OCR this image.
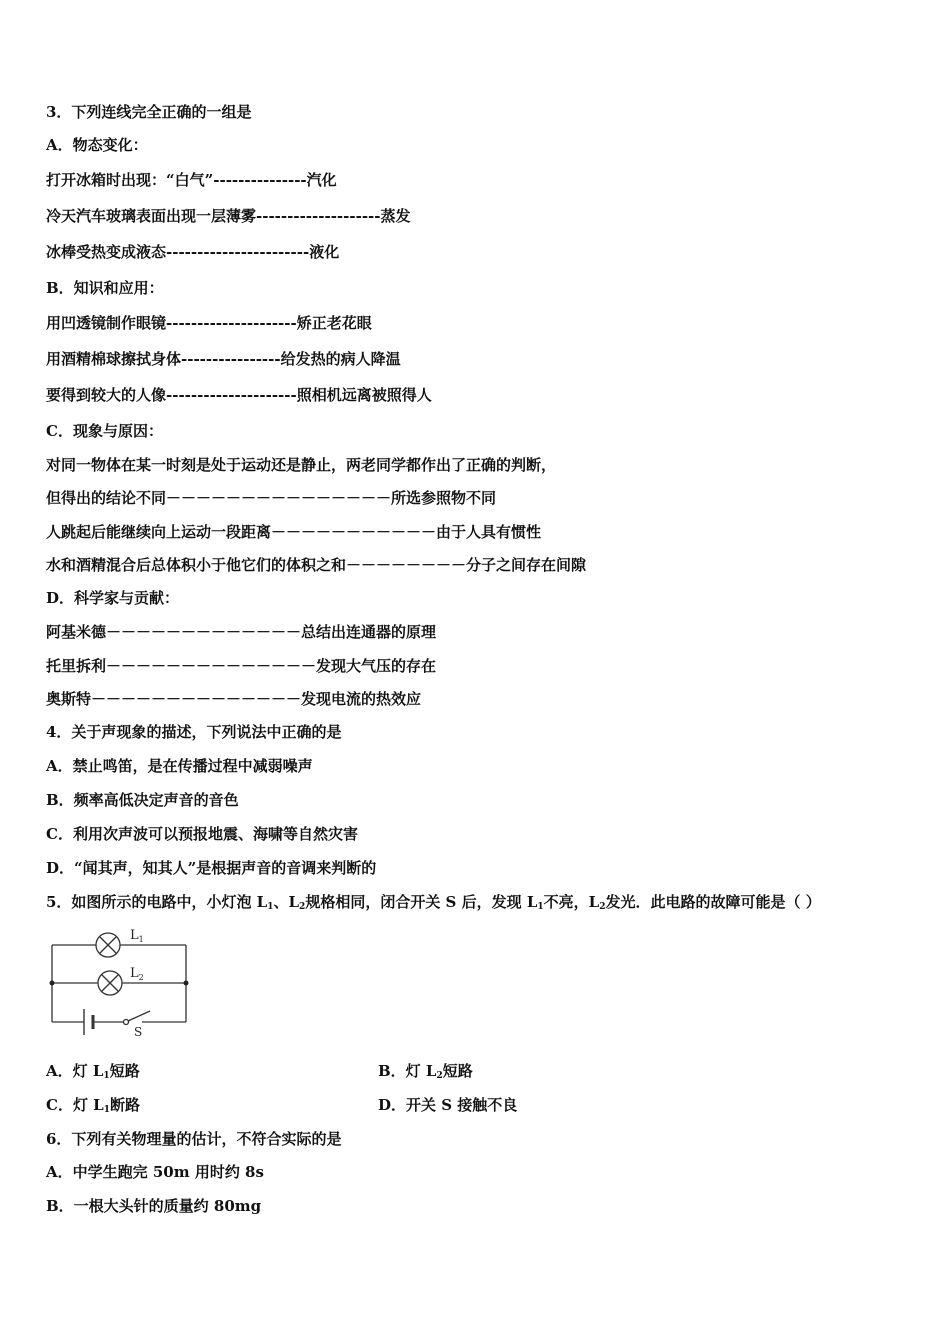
3．下列连线完全正确的一组是
A．物态变化：
打开冰箱时出现：“白气”---------------汽化
冷天汽车玻璃表面出现一层薄雾--------------------蒸发
冰棒受热变成液态-----------------------液化
B．知识和应用：
用凹透镜制作眼镜---------------------矫正老花眼
用酒精棉球擦拭身体----------------给发热的病人降温
要得到较大的人像---------------------照相机远离被照得人
C．现象与原因：
对同一物体在某一时刻是处于运动还是静止，两老同学都作出了正确的判断，
但得出的结论不同－－－－－－－－－－－－－－－所选参照物不同
人跳起后能继续向上运动一段距离－－－－－－－－－－－由于人具有惯性
水和酒精混合后总体积小于他它们的体积之和－－－－－－－－分子之间存在间隙
D．科学家与贡献：
阿基米德－－－－－－－－－－－－－总结出连通器的原理
托里拆利－－－－－－－－－－－－－－发现大气压的存在
奥斯特－－－－－－－－－－－－－－发现电流的热效应
4．关于声现象的描述，下列说法中正确的是
A．禁止鸣笛，是在传播过程中减弱噪声
B．频率高低决定声音的音色
C．利用次声波可以预报地震、海啸等自然灾害
D．“闻其声，知其人”是根据声音的音调来判断的
5．如图所示的电路中，小灯泡 $L_1$、$L_2$规格相同，闭合开关 S 后，发现 $L_1$不亮，$L_2$发光．此电路的故障可能是（ ）
$L_1$
$L_2$
S
A．灯 $L_1$短路	B．灯 $L_2$短路
C．灯 $L_1$断路	D．开关 S 接触不良
6．下列有关物理量的估计，不符合实际的是
A．中学生跑完 50m 用时约 8s
B．一根大头针的质量约 80mg
